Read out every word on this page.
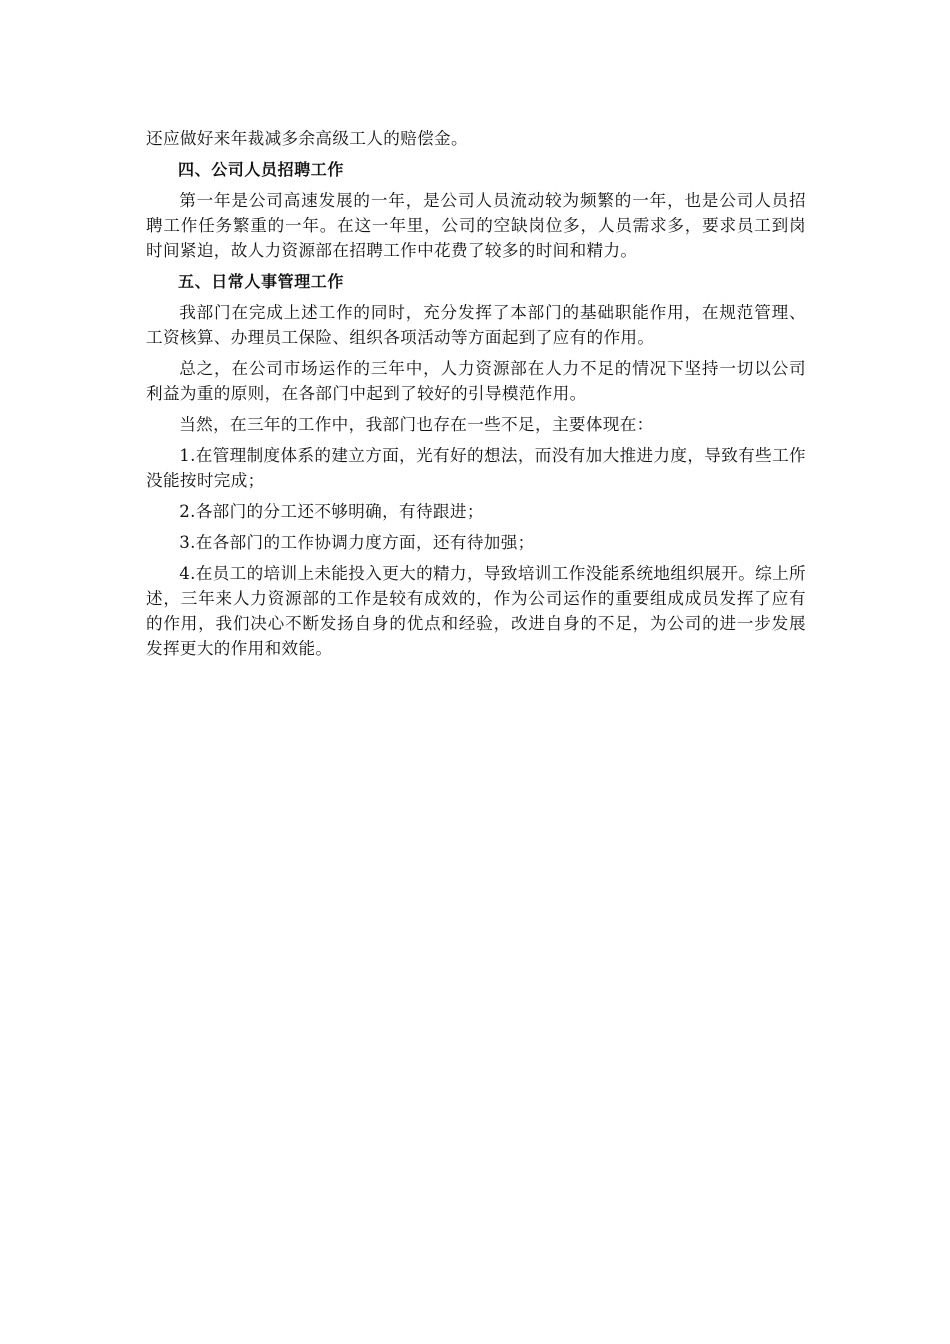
还应做好来年裁减多余高级工人的赔偿金。

四、公司人员招聘工作

第一年是公司高速发展的一年，是公司人员流动较为频繁的一年，也是公司人员招聘工作任务繁重的一年。在这一年里，公司的空缺岗位多，人员需求多，要求员工到岗时间紧迫，故人力资源部在招聘工作中花费了较多的时间和精力。

五、日常人事管理工作

我部门在完成上述工作的同时，充分发挥了本部门的基础职能作用，在规范管理、工资核算、办理员工保险、组织各项活动等方面起到了应有的作用。

总之，在公司市场运作的三年中，人力资源部在人力不足的情况下坚持一切以公司利益为重的原则，在各部门中起到了较好的引导模范作用。

当然，在三年的工作中，我部门也存在一些不足，主要体现在：

1.在管理制度体系的建立方面，光有好的想法，而没有加大推进力度，导致有些工作没能按时完成；

2.各部门的分工还不够明确，有待跟进；

3.在各部门的工作协调力度方面，还有待加强；

4.在员工的培训上未能投入更大的精力，导致培训工作没能系统地组织展开。综上所述，三年来人力资源部的工作是较有成效的，作为公司运作的重要组成成员发挥了应有的作用，我们决心不断发扬自身的优点和经验，改进自身的不足，为公司的进一步发展发挥更大的作用和效能。
